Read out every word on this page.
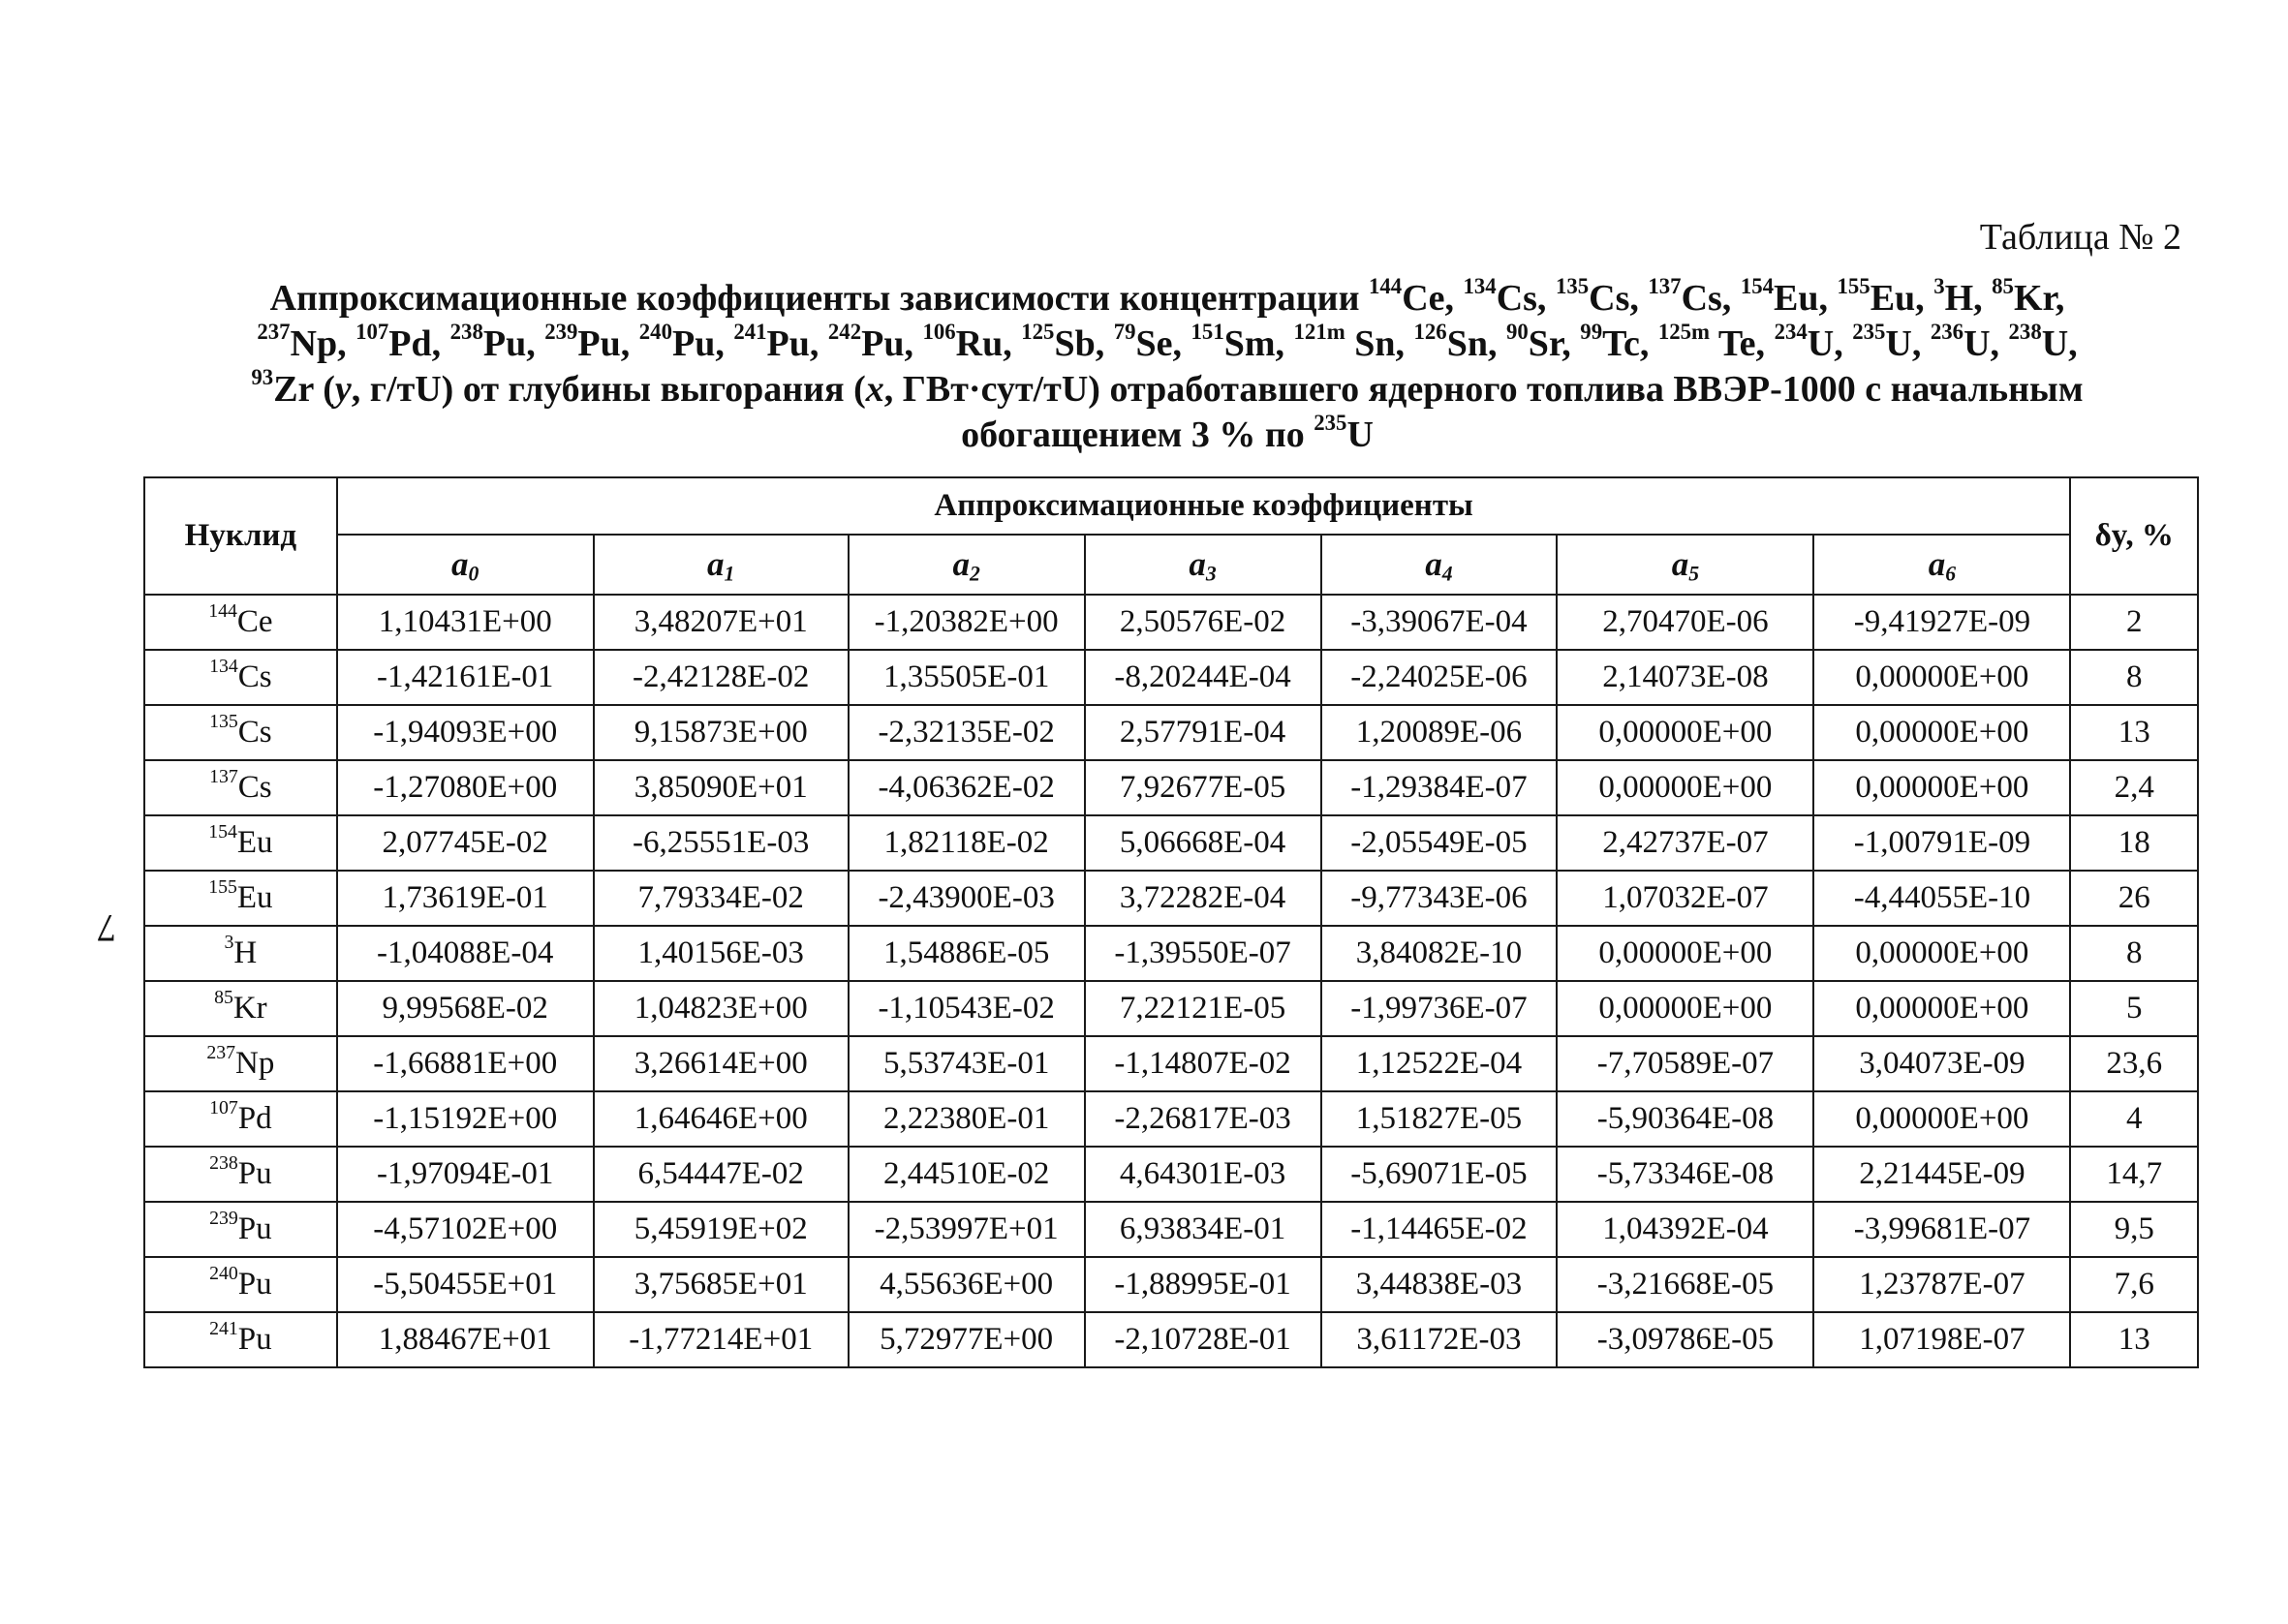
7
Таблица № 2

Аппроксимационные коэффициенты зависимости концентрации $^{144}$Ce, $^{134}$Cs, $^{135}$Cs, $^{137}$Cs, $^{154}$Eu, $^{155}$Eu, $^3$H, $^{85}$Kr,

$^{237}$Np, $^{107}$Pd, $^{238}$Pu, $^{239}$Pu, $^{240}$Pu, $^{241}$Pu, $^{242}$Pu, $^{106}$Ru, $^{125}$Sb, $^{79}$Se, $^{151}$Sm, $^{121m}$ Sn, $^{126}$Sn, $^{90}$Sr, $^{99}$Tc, $^{125m}$ Te, $^{234}$U, $^{235}$U, $^{236}$U, $^{238}$U,

$^{93}$Zr (y, г/тU) от глубины выгорания (x, ГВт·сут/тU) отработавшего ядерного топлива ВВЭР-1000 с начальным

обогащением 3 % по $^{235}$U

Нуклид	Аппроксимационные коэффициенты							δy, %
	$a_0$	$a_1$	$a_2$	$a_3$	$a_4$	$a_5$	$a_6$
$^{144}$Ce	1,10431E+00	3,48207E+01	-1,20382E+00	2,50576E-02	-3,39067E-04	2,70470E-06	-9,41927E-09	2
$^{134}$Cs	-1,42161E-01	-2,42128E-02	1,35505E-01	-8,20244E-04	-2,24025E-06	2,14073E-08	0,00000E+00	8
$^{135}$Cs	-1,94093E+00	9,15873E+00	-2,32135E-02	2,57791E-04	1,20089E-06	0,00000E+00	0,00000E+00	13
$^{137}$Cs	-1,27080E+00	3,85090E+01	-4,06362E-02	7,92677E-05	-1,29384E-07	0,00000E+00	0,00000E+00	2,4
$^{154}$Eu	2,07745E-02	-6,25551E-03	1,82118E-02	5,06668E-04	-2,05549E-05	2,42737E-07	-1,00791E-09	18
$^{155}$Eu	1,73619E-01	7,79334E-02	-2,43900E-03	3,72282E-04	-9,77343E-06	1,07032E-07	-4,44055E-10	26
$^3$H	-1,04088E-04	1,40156E-03	1,54886E-05	-1,39550E-07	3,84082E-10	0,00000E+00	0,00000E+00	8
$^{85}$Kr	9,99568E-02	1,04823E+00	-1,10543E-02	7,22121E-05	-1,99736E-07	0,00000E+00	0,00000E+00	5
$^{237}$Np	-1,66881E+00	3,26614E+00	5,53743E-01	-1,14807E-02	1,12522E-04	-7,70589E-07	3,04073E-09	23,6
$^{107}$Pd	-1,15192E+00	1,64646E+00	2,22380E-01	-2,26817E-03	1,51827E-05	-5,90364E-08	0,00000E+00	4
$^{238}$Pu	-1,97094E-01	6,54447E-02	2,44510E-02	4,64301E-03	-5,69071E-05	-5,73346E-08	2,21445E-09	14,7
$^{239}$Pu	-4,57102E+00	5,45919E+02	-2,53997E+01	6,93834E-01	-1,14465E-02	1,04392E-04	-3,99681E-07	9,5
$^{240}$Pu	-5,50455E+01	3,75685E+01	4,55636E+00	-1,88995E-01	3,44838E-03	-3,21668E-05	1,23787E-07	7,6
$^{241}$Pu	1,88467E+01	-1,77214E+01	5,72977E+00	-2,10728E-01	3,61172E-03	-3,09786E-05	1,07198E-07	13
